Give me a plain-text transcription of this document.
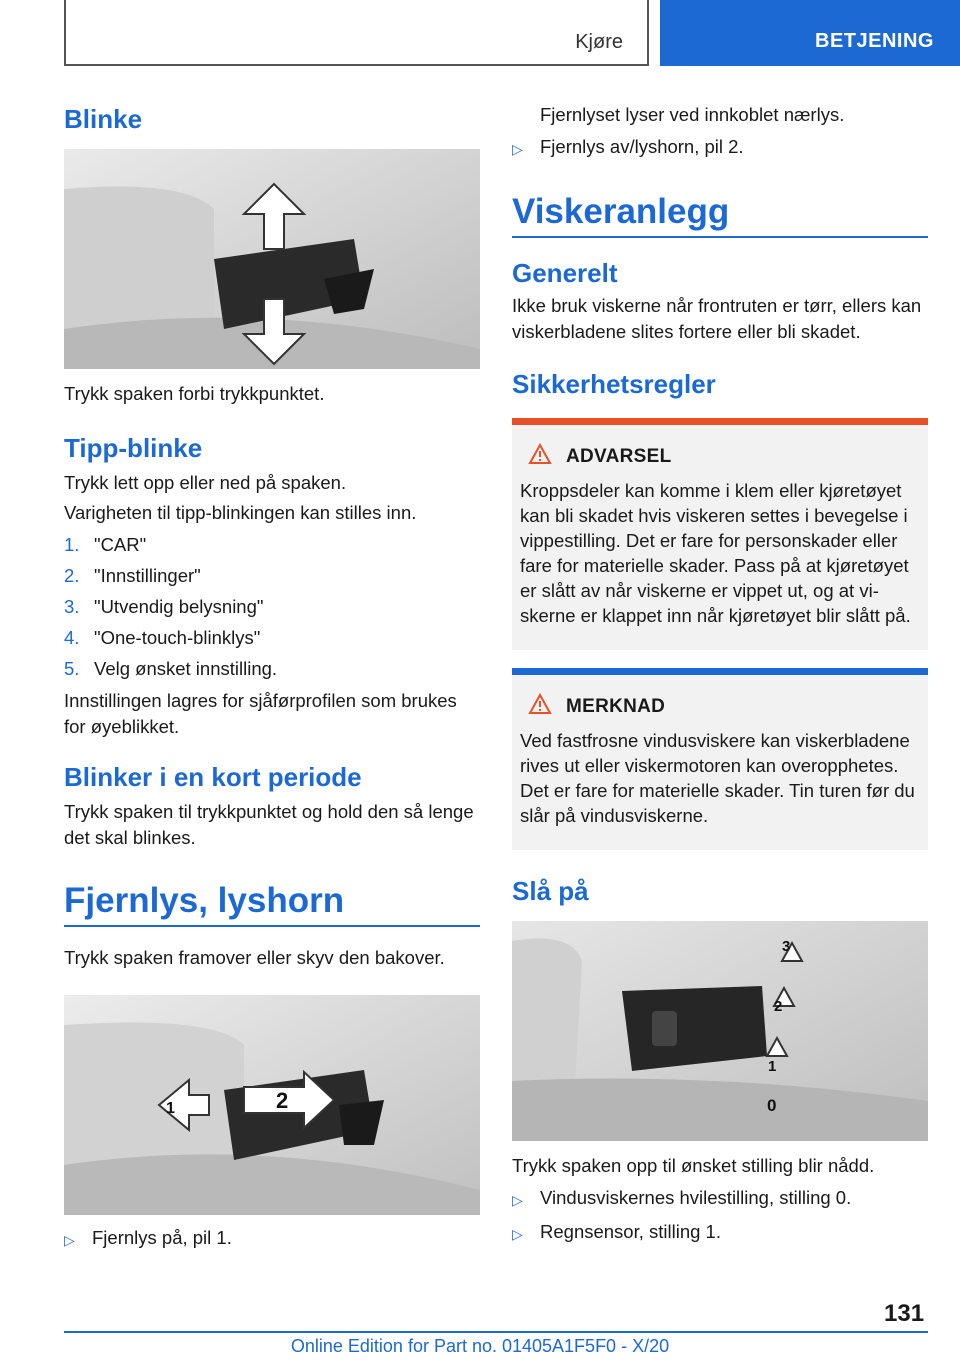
Kjøre	BETJENING
Blinke

Trykk spaken forbi trykkpunktet.

Tipp-blinke

Trykk lett opp eller ned på spaken.

Varigheten til tipp-blinkingen kan stilles inn.

1. "CAR"
2. "Innstillinger"
3. "Utvendig belysning"
4. "One-touch-blinklys"
5. Velg ønsket innstilling.

Innstillingen lagres for sjåførprofilen som brukes for øyeblikket.

Blinker i en kort periode

Trykk spaken til trykkpunktet og hold den så lenge det skal blinkes.

Fjernlys, lyshorn

Trykk spaken framover eller skyv den bakover.

1	2
▷ Fjernlys på, pil 1.

Fjernlyset lyser ved innkoblet nærlys.

▷ Fjernlys av/lyshorn, pil 2.
Viskeranlegg
Generelt

Ikke bruk viskerne når frontruten er tørr, ellers kan viskerbladene slites fortere eller bli skadet.

Sikkerhetsregler
ADVARSEL

Kroppsdeler kan komme i klem eller kjøretøyet kan bli skadet hvis viskeren settes i bevegelse i vippestilling. Det er fare for personskader eller fare for materielle skader. Pass på at kjøretøyet er slått av når viskerne er vippet ut, og at viskerne er klappet inn når kjøretøyet blir slått på.

MERKNAD

Ved fastfrosne vindusviskere kan viskerbladene rives ut eller viskermotoren kan overopphetes. Det er fare for materielle skader. Tin turen før du slår på vindusviskerne.

Slå på
3
2
1
0

Trykk spaken opp til ønsket stilling blir nådd.

▷ Vindusviskernes hvilestilling, stilling 0.
▷ Regnsensor, stilling 1.
131
Online Edition for Part no. 01405A1F5F0 - X/20
